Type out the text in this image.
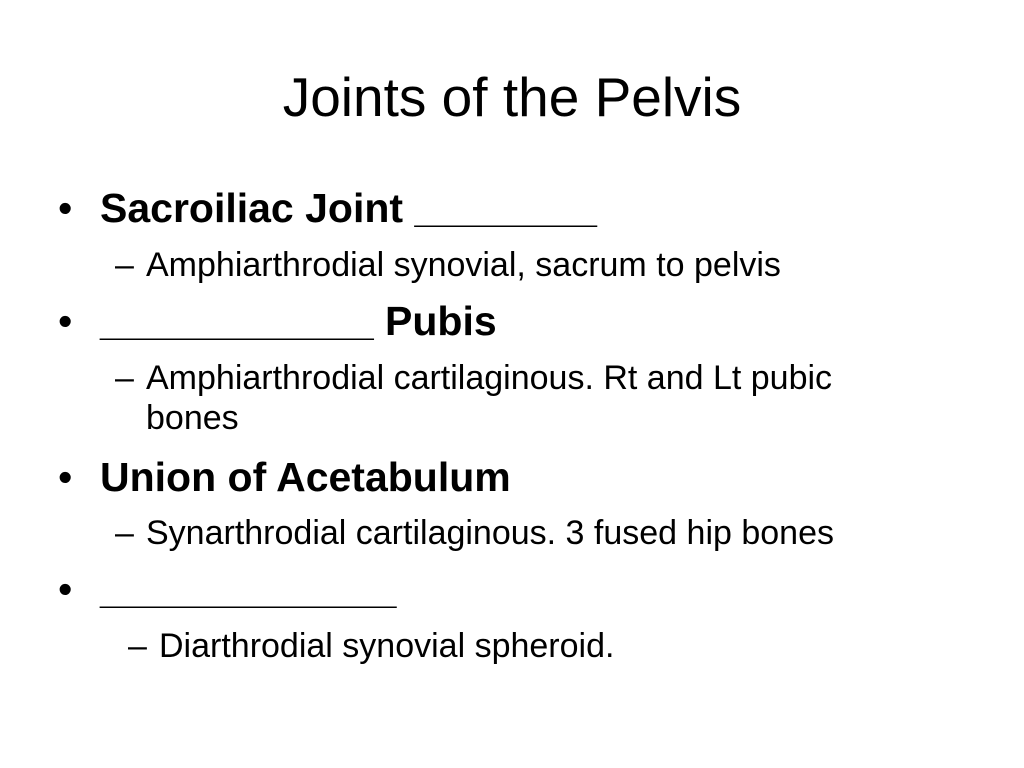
Joints of the Pelvis
• Sacroiliac Joint ________
– Amphiarthrodial synovial, sacrum to pelvis
• ____________ Pubis
– Amphiarthrodial cartilaginous. Rt and Lt pubic
bones
• Union of Acetabulum
– Synarthrodial cartilaginous. 3 fused hip bones
• _____________
– Diarthrodial synovial spheroid.
